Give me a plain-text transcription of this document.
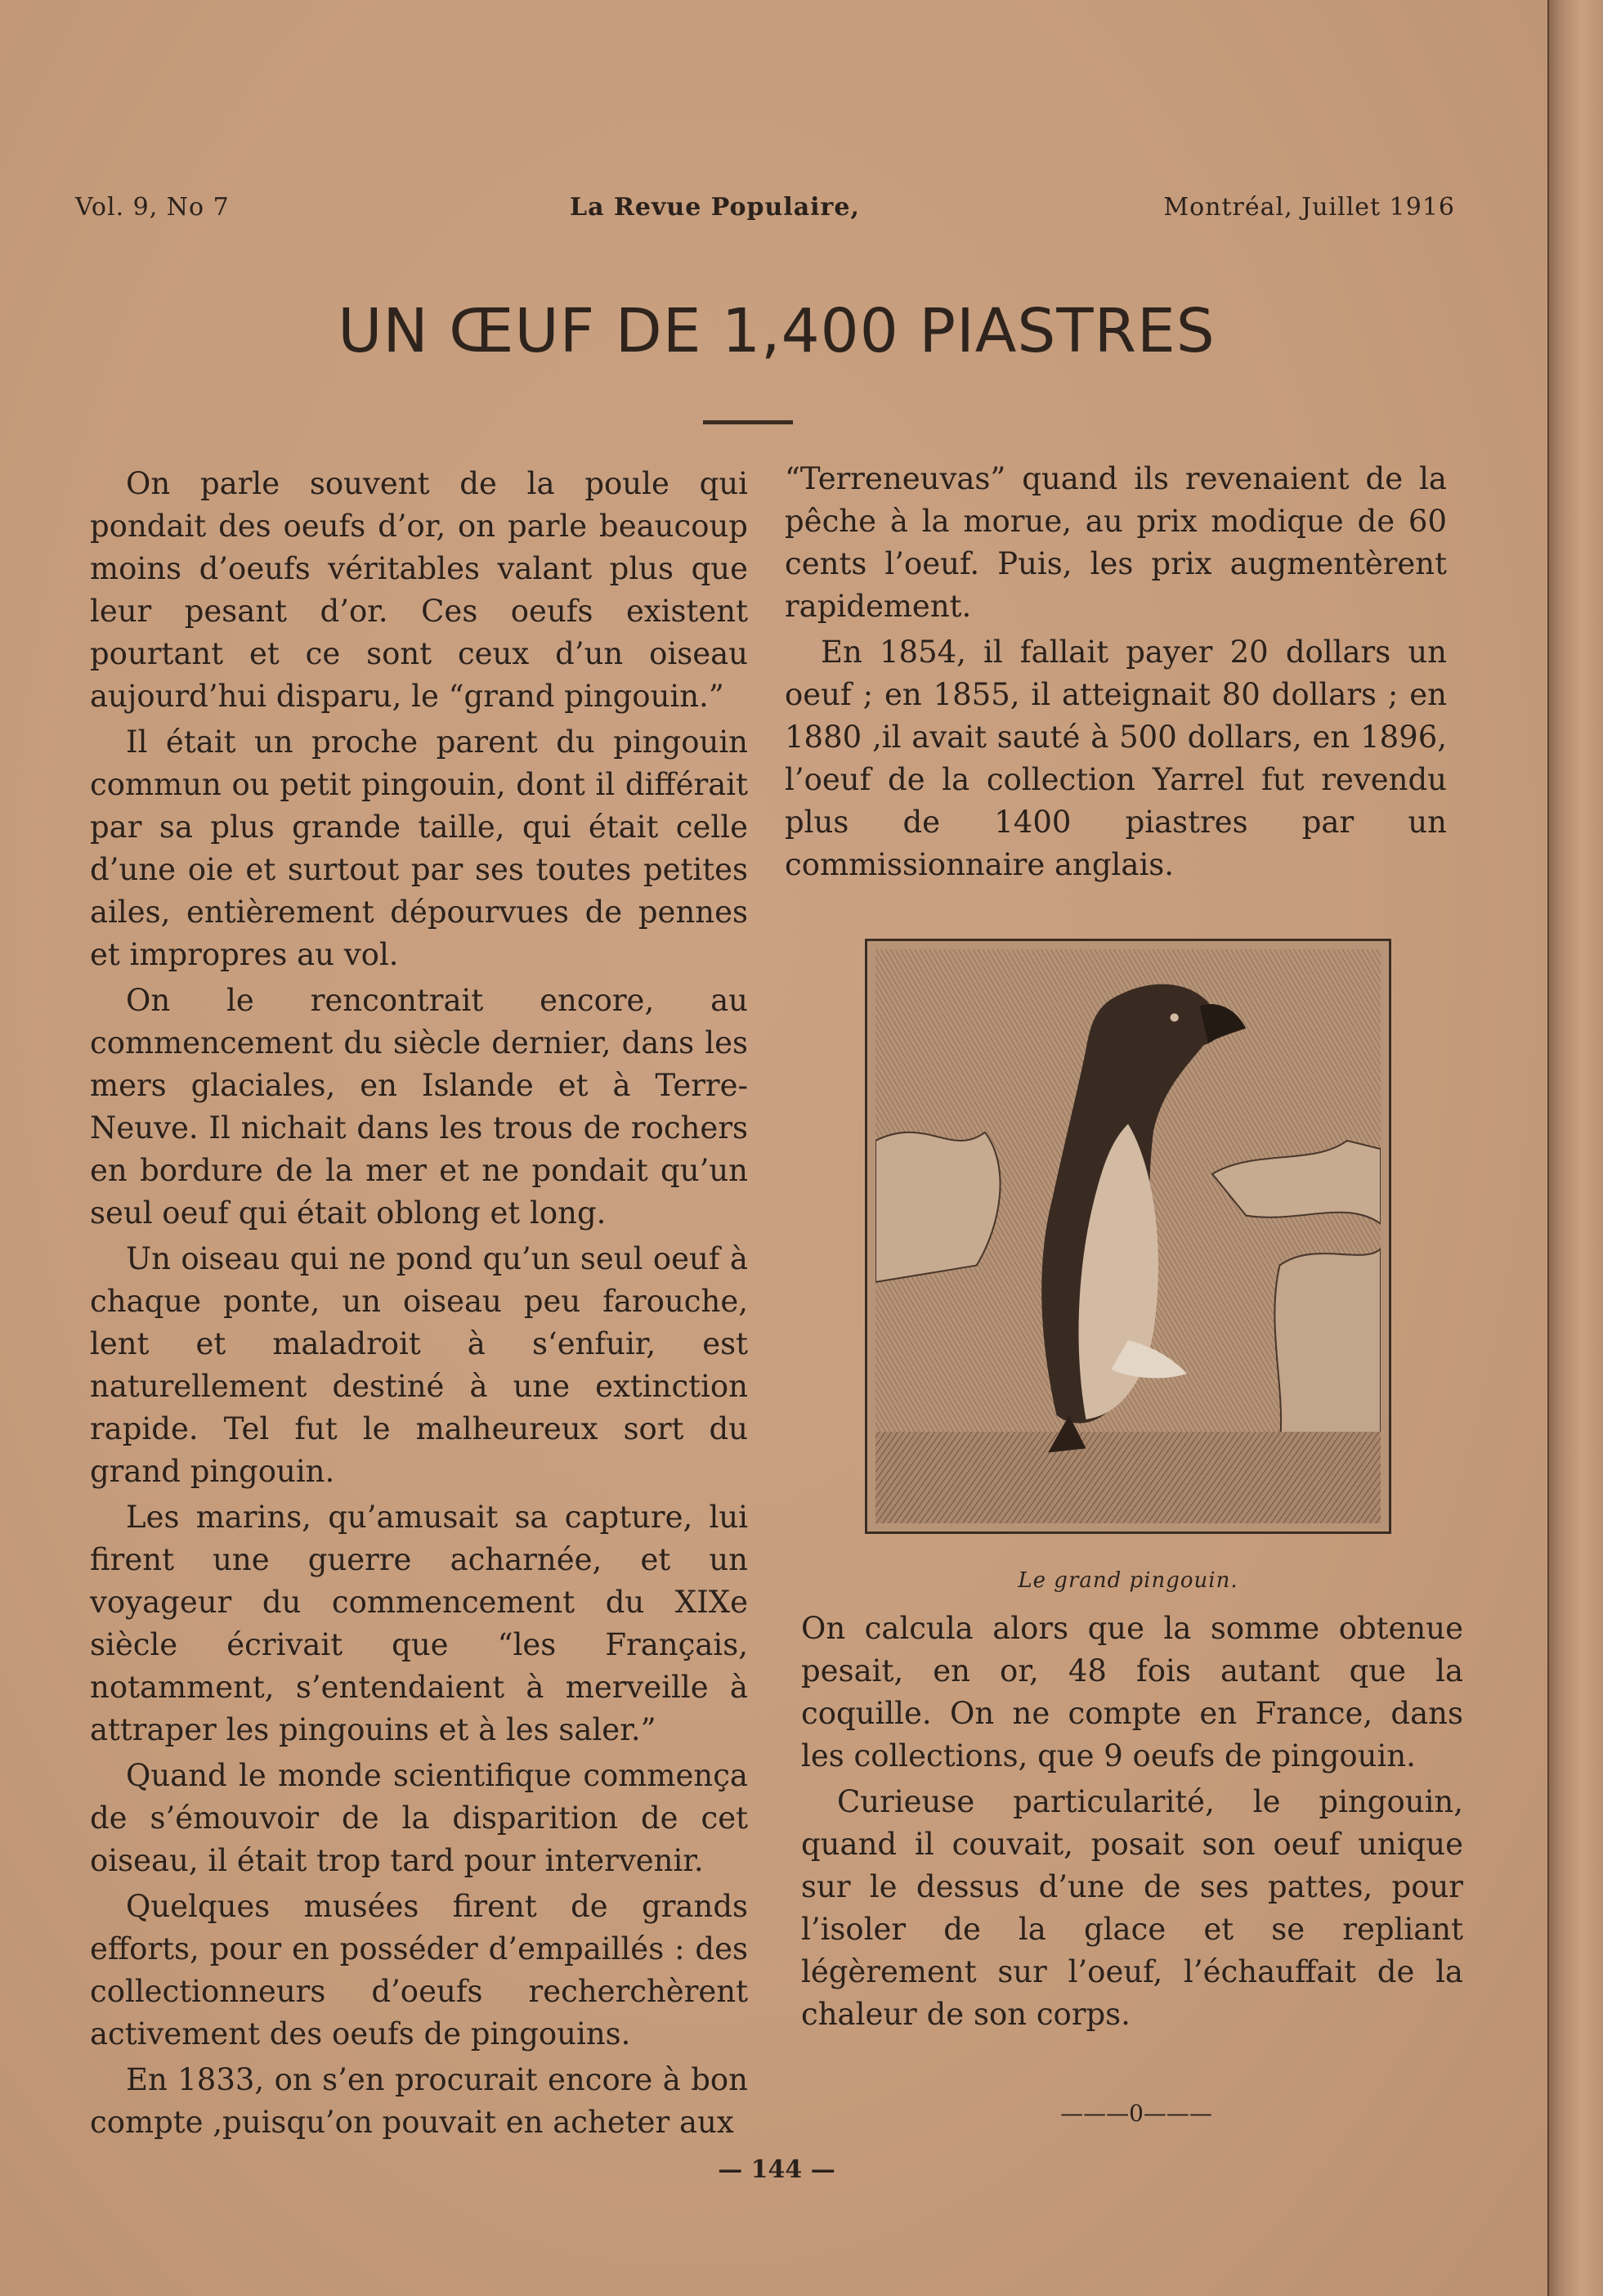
Vol. 9, No 7	La Revue Populaire,	Montréal, Juillet 1916
UN ŒUF DE 1,400 PIASTRES

On parle souvent de la poule qui pondait des oeufs d’or, on parle beaucoup moins d’oeufs véritables valant plus que leur pesant d’or. Ces oeufs existent pourtant et ce sont ceux d’un oiseau aujourd’hui disparu, le “grand pingouin.”

Il était un proche parent du pingouin commun ou petit pingouin, dont il différait par sa plus grande taille, qui était celle d’une oie et surtout par ses toutes petites ailes, entièrement dépourvues de pennes et impropres au vol.

On le rencontrait encore, au commencement du siècle dernier, dans les mers glaciales, en Islande et à Terre-Neuve. Il nichait dans les trous de rochers en bordure de la mer et ne pondait qu’un seul oeuf qui était oblong et long.

Un oiseau qui ne pond qu’un seul oeuf à chaque ponte, un oiseau peu farouche, lent et maladroit à s‘enfuir, est naturellement destiné à une extinction rapide. Tel fut le malheureux sort du grand pingouin.

Les marins, qu’amusait sa capture, lui firent une guerre acharnée, et un voyageur du commencement du XIXe siècle écrivait que “les Français, notamment, s’entendaient à merveille à attraper les pingouins et à les saler.”

Quand le monde scientifique commença de s’émouvoir de la disparition de cet oiseau, il était trop tard pour intervenir.

Quelques musées firent de grands efforts, pour en posséder d’empaillés : des collectionneurs d’oeufs recherchèrent activement des oeufs de pingouins.

En 1833, on s’en procurait encore à bon compte ,puisqu’on pouvait en acheter aux

“Terreneuvas” quand ils revenaient de la pêche à la morue, au prix modique de 60 cents l’oeuf. Puis, les prix augmentèrent rapidement.

En 1854, il fallait payer 20 dollars un oeuf ; en 1855, il atteignait 80 dollars ; en 1880 ,il avait sauté à 500 dollars, en 1896, l’oeuf de la collection Yarrel fut revendu plus de 1400 piastres par un commissionnaire anglais.

Le grand pingouin.

On calcula alors que la somme obtenue pesait, en or, 48 fois autant que la coquille. On ne compte en France, dans les collections, que 9 oeufs de pingouin.

Curieuse particularité, le pingouin, quand il couvait, posait son oeuf unique sur le dessus d’une de ses pattes, pour l’isoler de la glace et se repliant légèrement sur l’oeuf, l’échauffait de la chaleur de son corps.

———0———
— 144 —
